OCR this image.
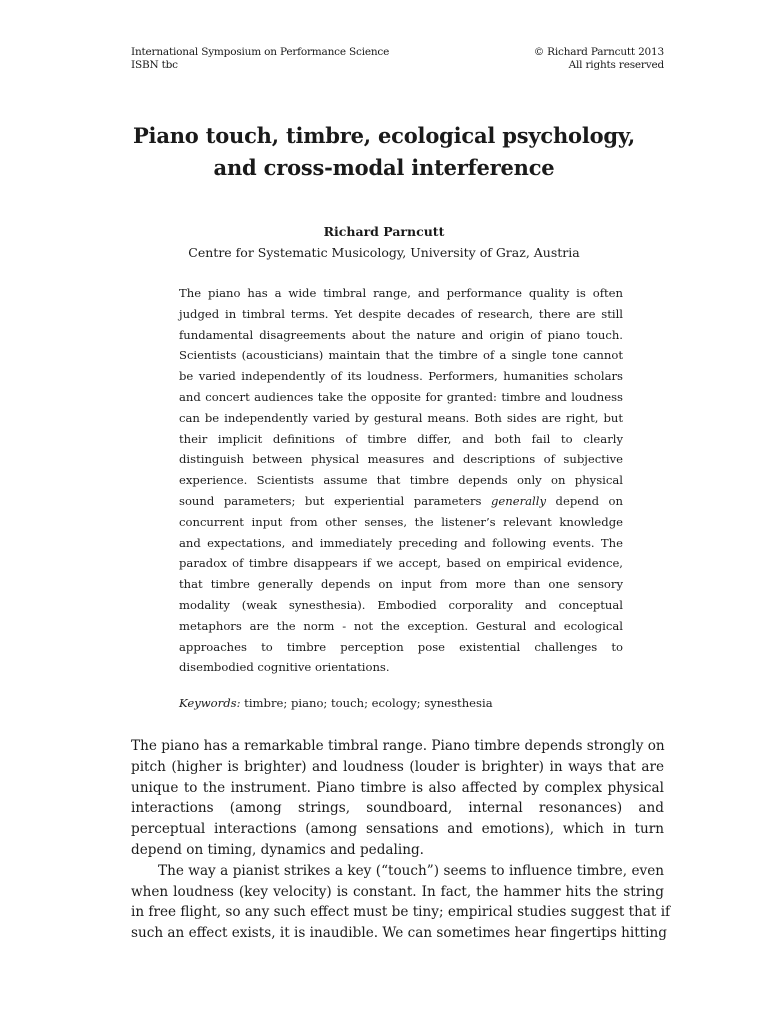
International Symposium on Performance Science
ISBN tbc
© Richard Parncutt 2013
All rights reserved
Piano touch, timbre, ecological psychology,
and cross-modal interference
Richard Parncutt
Centre for Systematic Musicology, University of Graz, Austria
The piano has a wide timbral range, and performance quality is often
judged in timbral terms. Yet despite decades of research, there are still
fundamental disagreements about the nature and origin of piano touch.
Scientists (acousticians) maintain that the timbre of a single tone cannot
be varied independently of its loudness. Performers, humanities scholars
and concert audiences take the opposite for granted: timbre and loudness
can be independently varied by gestural means. Both sides are right, but
their implicit definitions of timbre differ, and both fail to clearly
distinguish between physical measures and descriptions of subjective
experience. Scientists assume that timbre depends only on physical
sound parameters; but experiential parameters generally depend on
concurrent input from other senses, the listener’s relevant knowledge
and expectations, and immediately preceding and following events. The
paradox of timbre disappears if we accept, based on empirical evidence,
that timbre generally depends on input from more than one sensory
modality (weak synesthesia). Embodied corporality and conceptual
metaphors are the norm - not the exception. Gestural and ecological
approaches to timbre perception pose existential challenges to
disembodied cognitive orientations.
Keywords: timbre; piano; touch; ecology; synesthesia
The piano has a remarkable timbral range. Piano timbre depends strongly on
pitch (higher is brighter) and loudness (louder is brighter) in ways that are
unique to the instrument. Piano timbre is also affected by complex physical
interactions (among strings, soundboard, internal resonances) and
perceptual interactions (among sensations and emotions), which in turn
depend on timing, dynamics and pedaling.
The way a pianist strikes a key (“touch”) seems to influence timbre, even
when loudness (key velocity) is constant. In fact, the hammer hits the string
in free flight, so any such effect must be tiny; empirical studies suggest that if
such an effect exists, it is inaudible. We can sometimes hear fingertips hitting
